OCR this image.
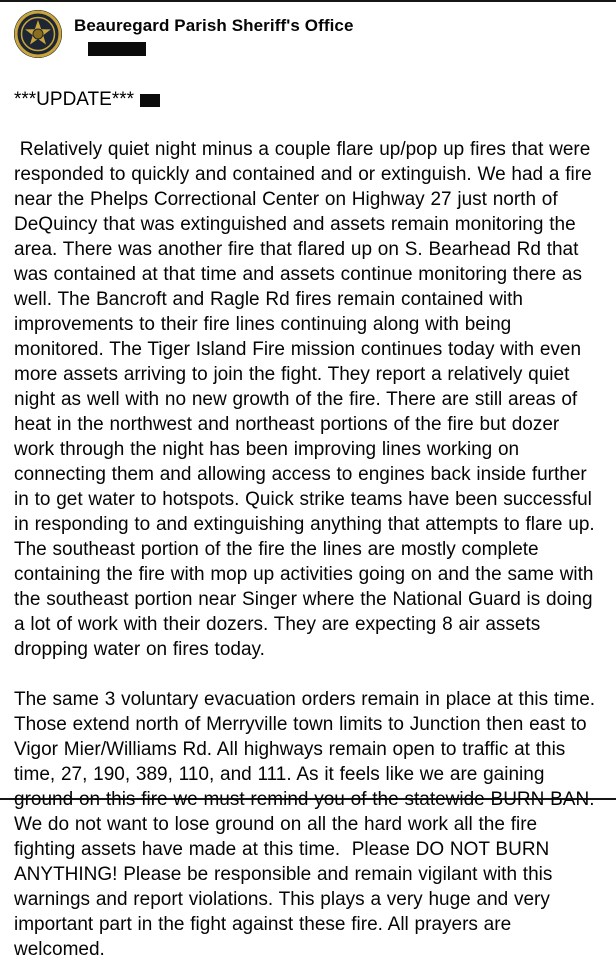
Beauregard Parish Sheriff's Office
***UPDATE***

Relatively quiet night minus a couple flare up/pop up fires that were responded to quickly and contained and or extinguish. We had a fire near the Phelps Correctional Center on Highway 27 just north of DeQuincy that was extinguished and assets remain monitoring the area. There was another fire that flared up on S. Bearhead Rd that was contained at that time and assets continue monitoring there as well. The Bancroft and Ragle Rd fires remain contained with improvements to their fire lines continuing along with being monitored. The Tiger Island Fire mission continues today with even more assets arriving to join the fight. They report a relatively quiet night as well with no new growth of the fire. There are still areas of heat in the northwest and northeast portions of the fire but dozer work through the night has been improving lines working on connecting them and allowing access to engines back inside further in to get water to hotspots. Quick strike teams have been successful in responding to and extinguishing anything that attempts to flare up. The southeast portion of the fire the lines are mostly complete containing the fire with mop up activities going on and the same with the southeast portion near Singer where the National Guard is doing a lot of work with their dozers. They are expecting 8 air assets dropping water on fires today.

The same 3 voluntary evacuation orders remain in place at this time. Those extend north of Merryville town limits to Junction then east to Vigor Mier/Williams Rd. All highways remain open to traffic at this time, 27, 190, 389, 110, and 111. As it feels like we are gaining ground on this fire we must remind you of the statewide BURN BAN. We do not want to lose ground on all the hard work all the fire fighting assets have made at this time.  Please DO NOT BURN ANYTHING! Please be responsible and remain vigilant with this warnings and report violations. This plays a very huge and very important part in the fight against these fire. All prayers are welcomed.
